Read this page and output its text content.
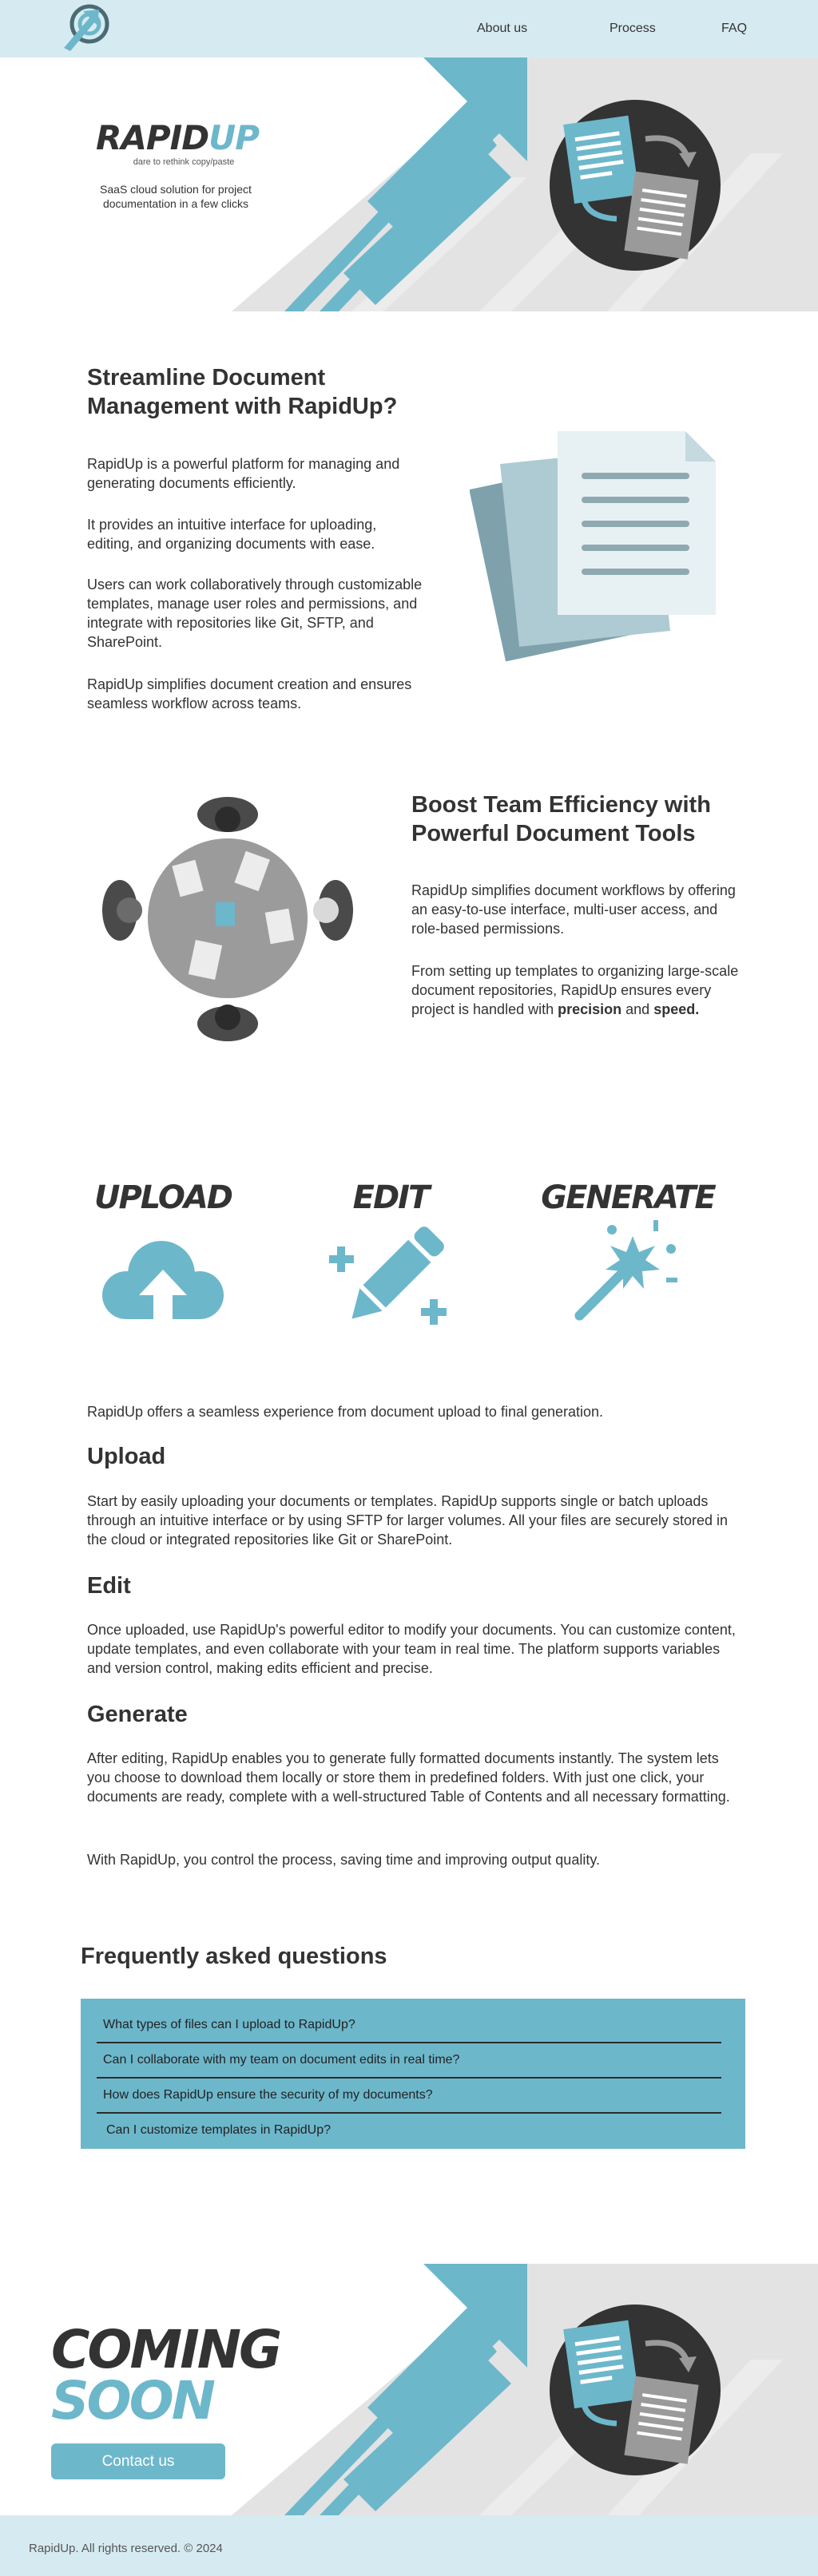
About us	Process	FAQ
RAPIDUP
dare to rethink copy/paste
SaaS cloud solution for project documentation in a few clicks
Streamline Document Management with RapidUp?
RapidUp is a powerful platform for managing and generating documents efficiently.
It provides an intuitive interface for uploading, editing, and organizing documents with ease.
Users can work collaboratively through customizable templates, manage user roles and permissions, and integrate with repositories like Git, SFTP, and SharePoint.
RapidUp simplifies document creation and ensures seamless workflow across teams.
Boost Team Efficiency with Powerful Document Tools
RapidUp simplifies document workflows by offering an easy-to-use interface, multi-user access, and role-based permissions.
From setting up templates to organizing large-scale document repositories, RapidUp ensures every project is handled with precision and speed.
UPLOAD	EDIT	GENERATE
RapidUp offers a seamless experience from document upload to final generation.
Upload
Start by easily uploading your documents or templates. RapidUp supports single or batch uploads through an intuitive interface or by using SFTP for larger volumes. All your files are securely stored in the cloud or integrated repositories like Git or SharePoint.
Edit
Once uploaded, use RapidUp's powerful editor to modify your documents. You can customize content, update templates, and even collaborate with your team in real time. The platform supports variables and version control, making edits efficient and precise.
Generate
After editing, RapidUp enables you to generate fully formatted documents instantly. The system lets you choose to download them locally or store them in predefined folders. With just one click, your documents are ready, complete with a well-structured Table of Contents and all necessary formatting.
With RapidUp, you control the process, saving time and improving output quality.
Frequently asked questions
What types of files can I upload to RapidUp?
Can I collaborate with my team on document edits in real time?
How does RapidUp ensure the security of my documents?
Can I customize templates in RapidUp?
COMING
SOON
Contact us
RapidUp. All rights reserved. © 2024
